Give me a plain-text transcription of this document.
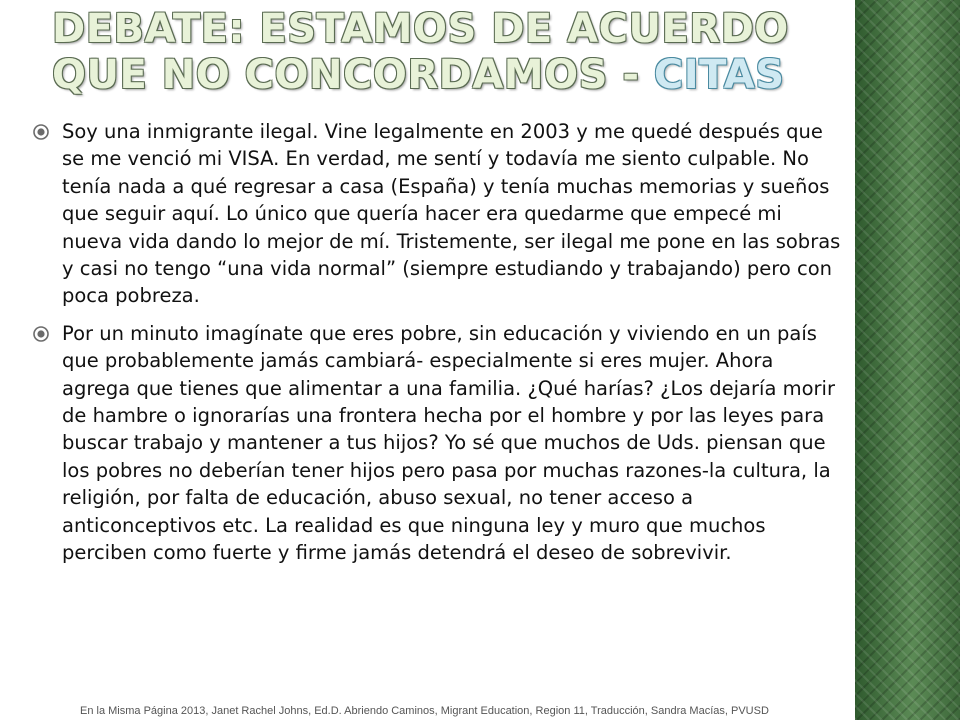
DEBATE: ESTAMOS DE ACUERDO QUE NO CONCORDAMOS - CITAS
Soy una inmigrante ilegal. Vine legalmente en 2003 y me quedé después que se me venció mi VISA. En verdad, me sentí y todavía me siento culpable. No tenía nada a qué regresar a casa (España) y tenía muchas memorias y sueños que seguir aquí. Lo único que quería hacer era quedarme que empecé mi nueva vida dando lo mejor de mí. Tristemente, ser ilegal me pone en las sobras y casi no tengo “una vida normal” (siempre estudiando y trabajando) pero con poca pobreza.
Por un minuto imagínate que eres pobre, sin educación y viviendo en un país que probablemente jamás cambiará- especialmente si eres mujer. Ahora agrega que tienes que alimentar a una familia. ¿Qué harías? ¿Los dejaría morir de hambre o ignorarías una frontera hecha por el hombre y por las leyes para buscar trabajo y mantener a tus hijos? Yo sé que muchos de Uds. piensan que los pobres no deberían tener hijos pero pasa por muchas razones-la cultura, la religión, por falta de educación, abuso sexual, no tener acceso a anticonceptivos etc. La realidad es que ninguna ley y muro que muchos perciben como fuerte y firme jamás detendrá el deseo de sobrevivir.
En la Misma Página 2013, Janet Rachel Johns, Ed.D. Abriendo Caminos, Migrant Education, Region 11, Traducción, Sandra Macías, PVUSD
